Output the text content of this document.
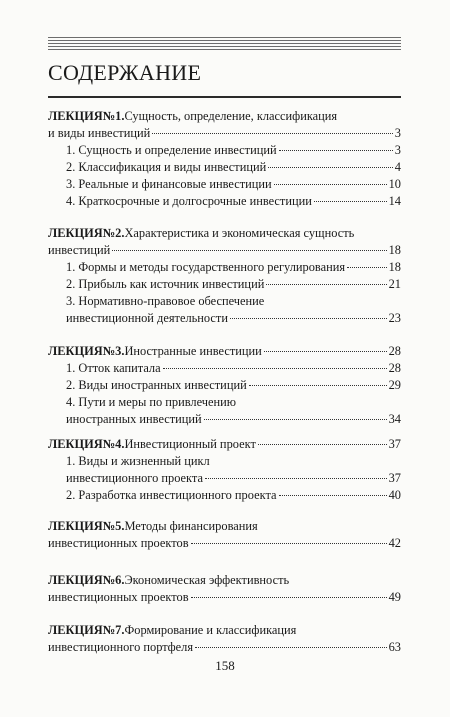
СОДЕРЖАНИЕ
ЛЕКЦИЯ№1. Сущность, определение, классификация
и виды инвестиций	3
1. Сущность и определение инвестиций	3
2. Классификация и виды инвестиций	4
3. Реальные и финансовые инвестиции	10
4. Краткосрочные и долгосрочные инвестиции	14
ЛЕКЦИЯ№2. Характеристика и экономическая сущность
инвестиций	18
1. Формы и методы государственного регулирования	18
2. Прибыль как источник инвестиций	21
3. Нормативно-правовое обеспечение
инвестиционной деятельности	23
ЛЕКЦИЯ№3. Иностранные инвестиции	28
1. Отток капитала	28
2. Виды иностранных инвестиций	29
4. Пути и меры по привлечению
иностранных инвестиций	34
ЛЕКЦИЯ№4. Инвестиционный проект	37
1. Виды и жизненный цикл
инвестиционного проекта	37
2. Разработка инвестиционного проекта	40
ЛЕКЦИЯ№5. Методы финансирования
инвестиционных проектов	42
ЛЕКЦИЯ№6. Экономическая эффективность
инвестиционных проектов	49
ЛЕКЦИЯ№7. Формирование и классификация
инвестиционного портфеля	63
158
